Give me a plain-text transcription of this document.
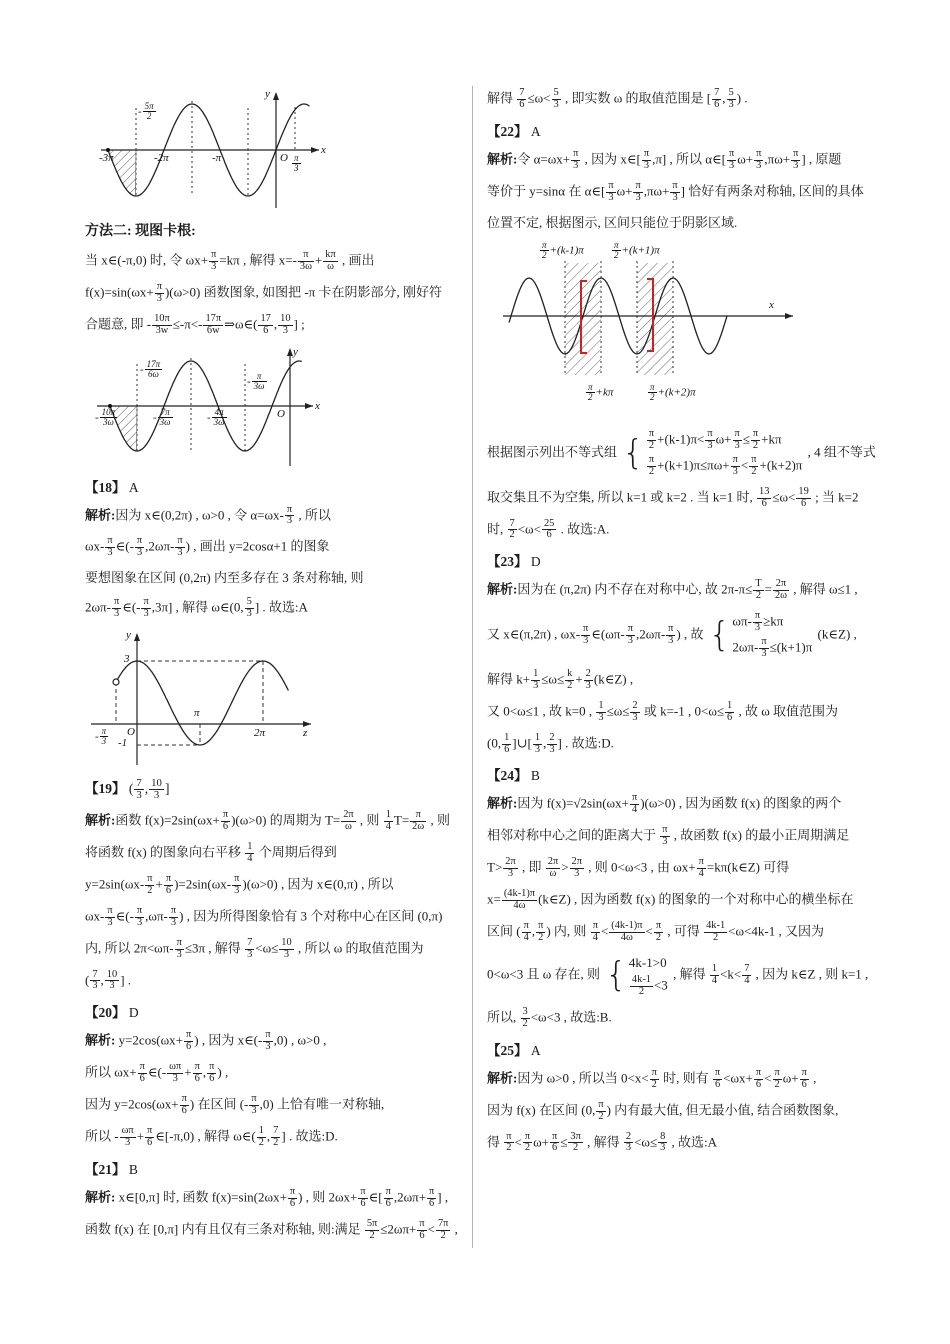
-3π
- $\frac{5\pi}{2}$
-2π	-π	O $\frac{\pi}{3}$
x
y
方法二: 现图卡根:
当 x∈(-π,0) 时, 令 $\omega x+ \frac{\pi}{3} =k\pi$ , 解得 $x=- \frac{\pi}{3\omega} + \frac{k\pi}{\omega}$ , 画出
$f(x)=\sin(\omega x+ \frac{\pi}{3} )(\omega>0)$ 函数图象, 如图把 -π 卡在阴影部分, 刚好符
合题意, 即 - $\frac{10\pi}{3w} \le-\pi<- \frac{17\pi}{6w}$ ⇒ω∈( $\frac{17}{6}$ , $\frac{10}{3}$ ] ;
- $\frac{10\pi}{3\omega}$
- $\frac{17\pi}{6\omega}$
- $\frac{7\pi}{3\omega}$	- $\frac{4\pi}{3\omega}$
- $\frac{\pi}{3\omega}$
O
x
y
【18】 A
解析:因为 x∈(0,2π) , ω>0 , 令 $\alpha=\omega x- \frac{\pi}{3}$ , 所以
$\omega x- \frac{\pi}{3}$ ∈(- $\frac{\pi}{3} ,2\omega\pi- \frac{\pi}{3}$ ) , 画出 y=2cosα+1 的图象
要想图象在区间 (0,2π) 内至多存在 3 条对称轴, 则
$2\omega\pi- \frac{\pi}{3}$ ∈(- $\frac{\pi}{3} ,3\pi$] , 解得 ω∈(0, $\frac{5}{3}$ ] . 故选:A
y
3
-1
- $\frac{\pi}{3}$ O
π
2π	z
【19】 ( $\frac{7}{3}$ , $\frac{10}{3}$ ]
解析:函数 $f(x)=2\sin(\omega x+ \frac{\pi}{6} )(\omega>0)$ 的周期为 $T= \frac{2\pi}{\omega}$ , 则 $\frac{1}{4} T= \frac{\pi}{2\omega}$ , 则
将函数 f(x) 的图象向右平移 $\frac{1}{4}$ 个周期后得到
$y=2\sin(\omega x- \frac{\pi}{2} + \frac{\pi}{6} )=2\sin(\omega x- \frac{\pi}{3} )(\omega>0)$ , 因为 x∈(0,π) , 所以
$\omega x- \frac{\pi}{3}$ ∈(- $\frac{\pi}{3} ,\omega\pi- \frac{\pi}{3}$ ) , 因为所得图象恰有 3 个对称中心在区间 (0,π)
内, 所以 $2\pi<\omega\pi- \frac{\pi}{3} \le 3\pi$ , 解得 $\frac{7}{3} <\omega\le \frac{10}{3}$ , 所以 ω 的取值范围为
( $\frac{7}{3}$ , $\frac{10}{3}$ ] .
【20】 D
解析: $y=2\cos(\omega x+ \frac{\pi}{6}$ ) , 因为 x∈(- $\frac{\pi}{3} ,0$) , ω>0 ,
所以 $\omega x+ \frac{\pi}{6}$ ∈(- $\frac{\omega\pi}{3} + \frac{\pi}{6}$ , $\frac{\pi}{6}$ ) ,
因为 $y=2\cos(\omega x+ \frac{\pi}{6}$ ) 在区间 (- $\frac{\pi}{3} ,0$) 上恰有唯一对称轴,
所以 - $\frac{\omega\pi}{3} + \frac{\pi}{6}$ ∈[-π,0) , 解得 ω∈( $\frac{1}{2}$ , $\frac{7}{2}$ ] . 故选:D.
【21】 B
解析: x∈[0,π] 时, 函数 $f(x)=\sin(2\omega x+ \frac{\pi}{6}$ ) , 则 $2\omega x+ \frac{\pi}{6}$ ∈[ $\frac{\pi}{6} ,2\omega\pi+ \frac{\pi}{6}$ ] ,
函数 f(x) 在 [0,π] 内有且仅有三条对称轴, 则:满足 $\frac{5\pi}{2} \le 2\omega\pi+ \frac{\pi}{6} < \frac{7\pi}{2}$ ,
解得 $\frac{7}{6} \le\omega< \frac{5}{3}$ , 即实数 ω 的取值范围是 [ $\frac{7}{6}$ , $\frac{5}{3}$ ) .
【22】 A
解析:令 $\alpha=\omega x+ \frac{\pi}{3}$ , 因为 x∈[ $\frac{\pi}{3} ,\pi$] , 所以 α∈[ $\frac{\pi}{3} \omega+ \frac{\pi}{3} ,\pi\omega+ \frac{\pi}{3}$ ] , 原题
等价于 y=sinα 在 α∈[ $\frac{\pi}{3} \omega+ \frac{\pi}{3} ,\pi\omega+ \frac{\pi}{3}$ ] 恰好有两条对称轴, 区间的具体
位置不定, 根据图示, 区间只能位于阴影区域.
$\frac{\pi}{2} +(k-1)\pi$	$\frac{\pi}{2} +(k+1)\pi$
$\frac{\pi}{2} +k\pi$	$\frac{\pi}{2} +(k+2)\pi$
x
根据图示列出不等式组 { $\frac{\pi}{2} +(k-1)\pi< \frac{\pi}{3} \omega+ \frac{\pi}{3} \le \frac{\pi}{2} +k\pi$
$\frac{\pi}{2} +(k+1)\pi\le\pi\omega+ \frac{\pi}{3} < \frac{\pi}{2} +(k+2)\pi$
, 4 组不等式
取交集且不为空集, 所以 k=1 或 k=2 . 当 k=1 时, $\frac{13}{6} \le\omega< \frac{19}{6}$ ; 当 k=2
时, $\frac{7}{2} <\omega< \frac{25}{6}$ . 故选:A.
【23】 D
解析:因为在 (π,2π) 内不存在对称中心, 故 $2\pi-\pi\le \frac{T}{2} = \frac{2\pi}{2\omega}$ , 解得 ω≤1 ,
又 x∈(π,2π) , $\omega x- \frac{\pi}{3}$ ∈(ωπ- $\frac{\pi}{3} ,2\omega\pi- \frac{\pi}{3}$ ) , 故 { $\omega\pi- \frac{\pi}{3} \ge k\pi$
$2\omega\pi- \frac{\pi}{3} \le(k+1)\pi$
(k∈Z) ,
解得 $k+ \frac{1}{3} \le\omega\le \frac{k}{2} + \frac{2}{3}$ (k∈Z) ,
又 0<ω≤1 , 故 k=0 , $\frac{1}{3} \le\omega\le \frac{2}{3}$ 或 k=-1 , $0<\omega\le \frac{1}{6}$ , 故 ω 取值范围为
(0, $\frac{1}{6}$ ]∪[ $\frac{1}{3}$ , $\frac{2}{3}$ ] . 故选:D.
【24】 B
解析:因为 $f(x)=√2\sin(\omega x+ \frac{\pi}{4} )(\omega>0)$ , 因为函数 f(x) 的图象的两个
相邻对称中心之间的距离大于 $\frac{\pi}{3}$ , 故函数 f(x) 的最小正周期满足
$T> \frac{2\pi}{3}$ , 即 $\frac{2\pi}{\omega} > \frac{2\pi}{3}$ , 则 0<ω<3 , 由 $\omega x+ \frac{\pi}{4}$ =kπ(k∈Z) 可得
$x= \frac{(4k-1)\pi}{4\omega}$ (k∈Z) , 因为函数 f(x) 的图象的一个对称中心的横坐标在
区间 ( $\frac{\pi}{4}$ , $\frac{\pi}{2}$ ) 内, 则 $\frac{\pi}{4} < \frac{(4k-1)\pi}{4\omega} < \frac{\pi}{2}$ , 可得 $\frac{4k-1}{2} <\omega<4k-1$ , 又因为
0<ω<3 且 ω 存在, 则 { 4k-1>0
$\frac{4k-1}{2} <3$
, 解得 $\frac{1}{4} <k< \frac{7}{4}$ , 因为 k∈Z , 则 k=1 ,
所以, $\frac{3}{2} <\omega<3$ , 故选:B.
【25】 A
解析:因为 ω>0 , 所以当 $0<x< \frac{\pi}{2}$ 时, 则有 $\frac{\pi}{6} <\omega x+ \frac{\pi}{6} < \frac{\pi}{2} \omega+ \frac{\pi}{6}$ ,
因为 f(x) 在区间 (0, $\frac{\pi}{2}$ ) 内有最大值, 但无最小值, 结合函数图象,
得 $\frac{\pi}{2} < \frac{\pi}{2} \omega+ \frac{\pi}{6} \le \frac{3\pi}{2}$ , 解得 $\frac{2}{3} <\omega\le \frac{8}{3}$ , 故选:A
